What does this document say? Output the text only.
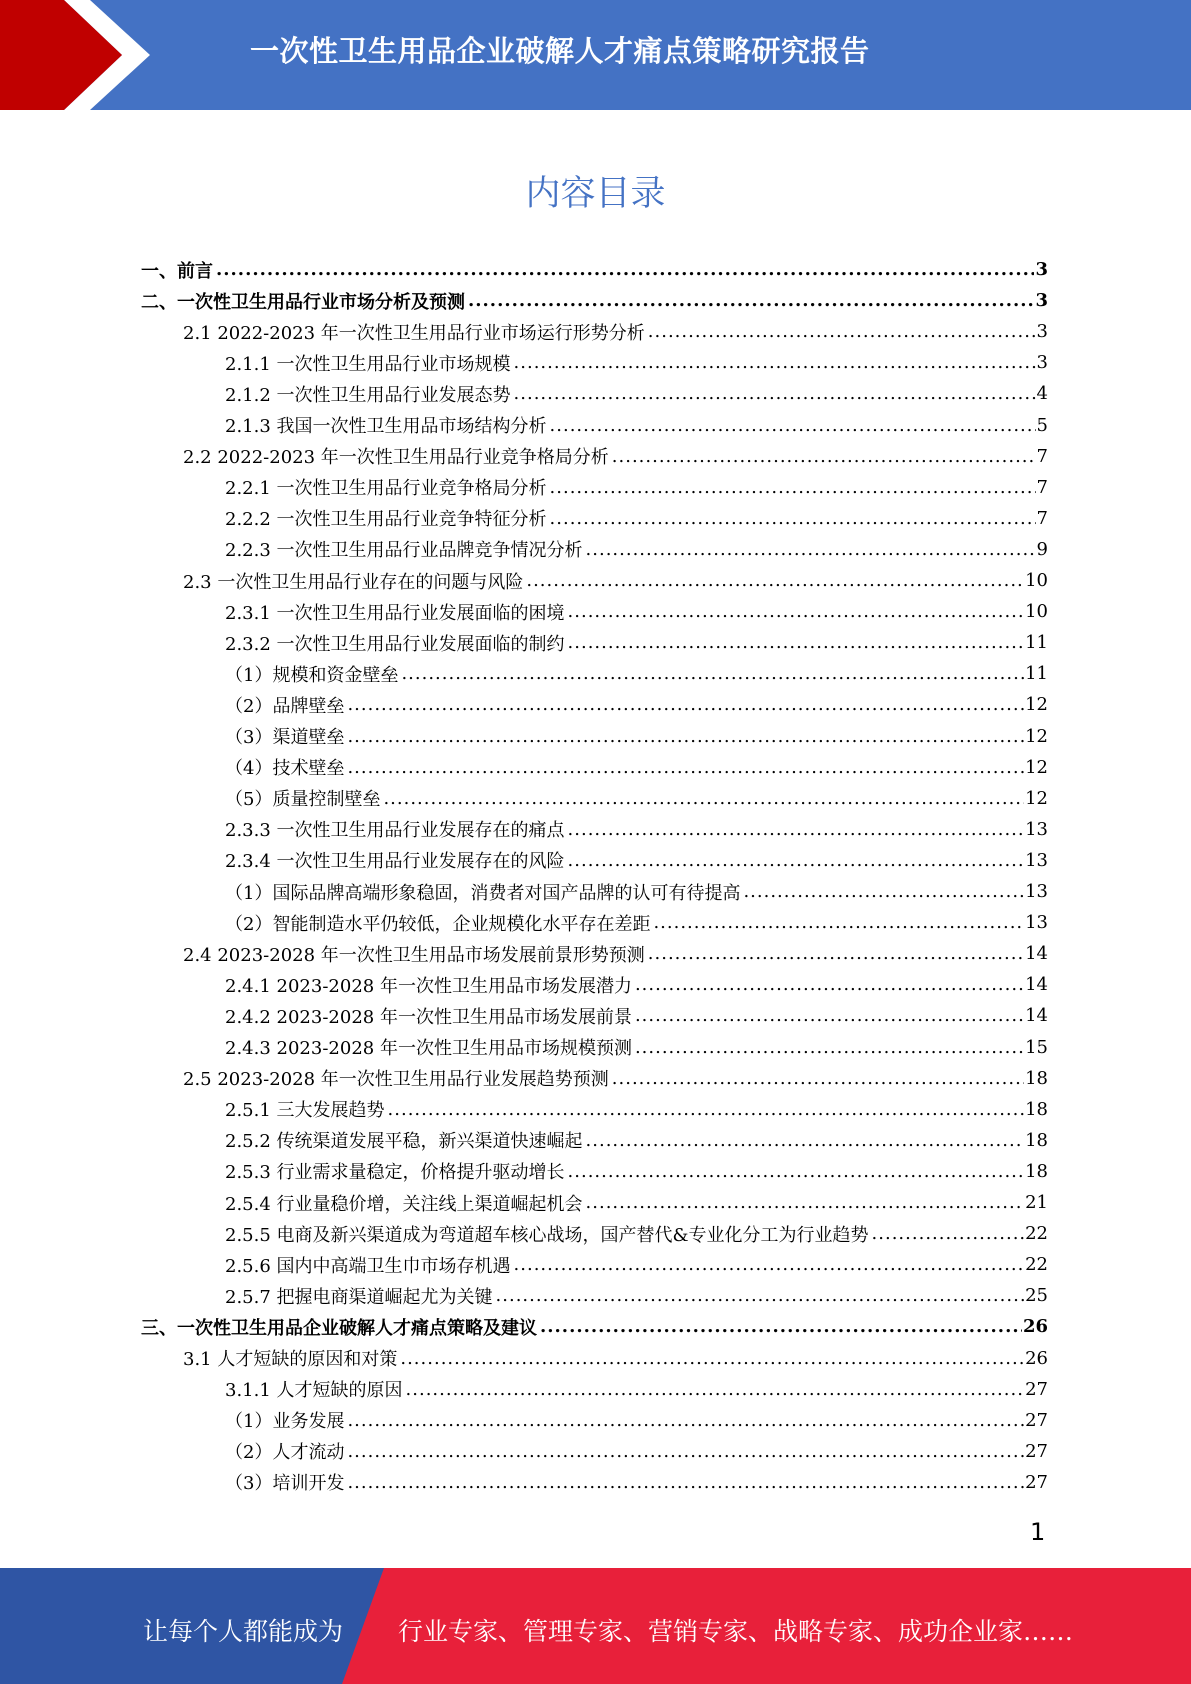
一次性卫生用品企业破解人才痛点策略研究报告
内容目录
一、前言 .....	3
二、一次性卫生用品行业市场分析及预测 .....	3
2.1 2022-2023 年一次性卫生用品行业市场运行形势分析 .....	3
2.1.1 一次性卫生用品行业市场规模 .....	3
2.1.2 一次性卫生用品行业发展态势 .....	4
2.1.3 我国一次性卫生用品市场结构分析 .....	5
2.2 2022-2023 年一次性卫生用品行业竞争格局分析 .....	7
2.2.1 一次性卫生用品行业竞争格局分析 .....	7
2.2.2 一次性卫生用品行业竞争特征分析 .....	7
2.2.3 一次性卫生用品行业品牌竞争情况分析 .....	9
2.3 一次性卫生用品行业存在的问题与风险 .....	10
2.3.1 一次性卫生用品行业发展面临的困境 .....	10
2.3.2 一次性卫生用品行业发展面临的制约 .....	11
（1）规模和资金壁垒 .....	11
（2）品牌壁垒 .....	12
（3）渠道壁垒 .....	12
（4）技术壁垒 .....	12
（5）质量控制壁垒 .....	12
2.3.3 一次性卫生用品行业发展存在的痛点 .....	13
2.3.4 一次性卫生用品行业发展存在的风险 .....	13
（1）国际品牌高端形象稳固，消费者对国产品牌的认可有待提高 .....	13
（2）智能制造水平仍较低，企业规模化水平存在差距 .....	13
2.4 2023-2028 年一次性卫生用品市场发展前景形势预测 .....	14
2.4.1 2023-2028 年一次性卫生用品市场发展潜力 .....	14
2.4.2 2023-2028 年一次性卫生用品市场发展前景 .....	14
2.4.3 2023-2028 年一次性卫生用品市场规模预测 .....	15
2.5 2023-2028 年一次性卫生用品行业发展趋势预测 .....	18
2.5.1 三大发展趋势 .....	18
2.5.2 传统渠道发展平稳，新兴渠道快速崛起 .....	18
2.5.3 行业需求量稳定，价格提升驱动增长 .....	18
2.5.4 行业量稳价增，关注线上渠道崛起机会 .....	21
2.5.5 电商及新兴渠道成为弯道超车核心战场，国产替代&专业化分工为行业趋势 .....	22
2.5.6 国内中高端卫生巾市场存机遇 .....	22
2.5.7 把握电商渠道崛起尤为关键 .....	25
三、一次性卫生用品企业破解人才痛点策略及建议 .....	26
3.1 人才短缺的原因和对策 .....	26
3.1.1 人才短缺的原因 .....	27
（1）业务发展 .....	27
（2）人才流动 .....	27
（3）培训开发 .....	27
1
让每个人都能成为 行业专家、管理专家、营销专家、战略专家、成功企业家……
